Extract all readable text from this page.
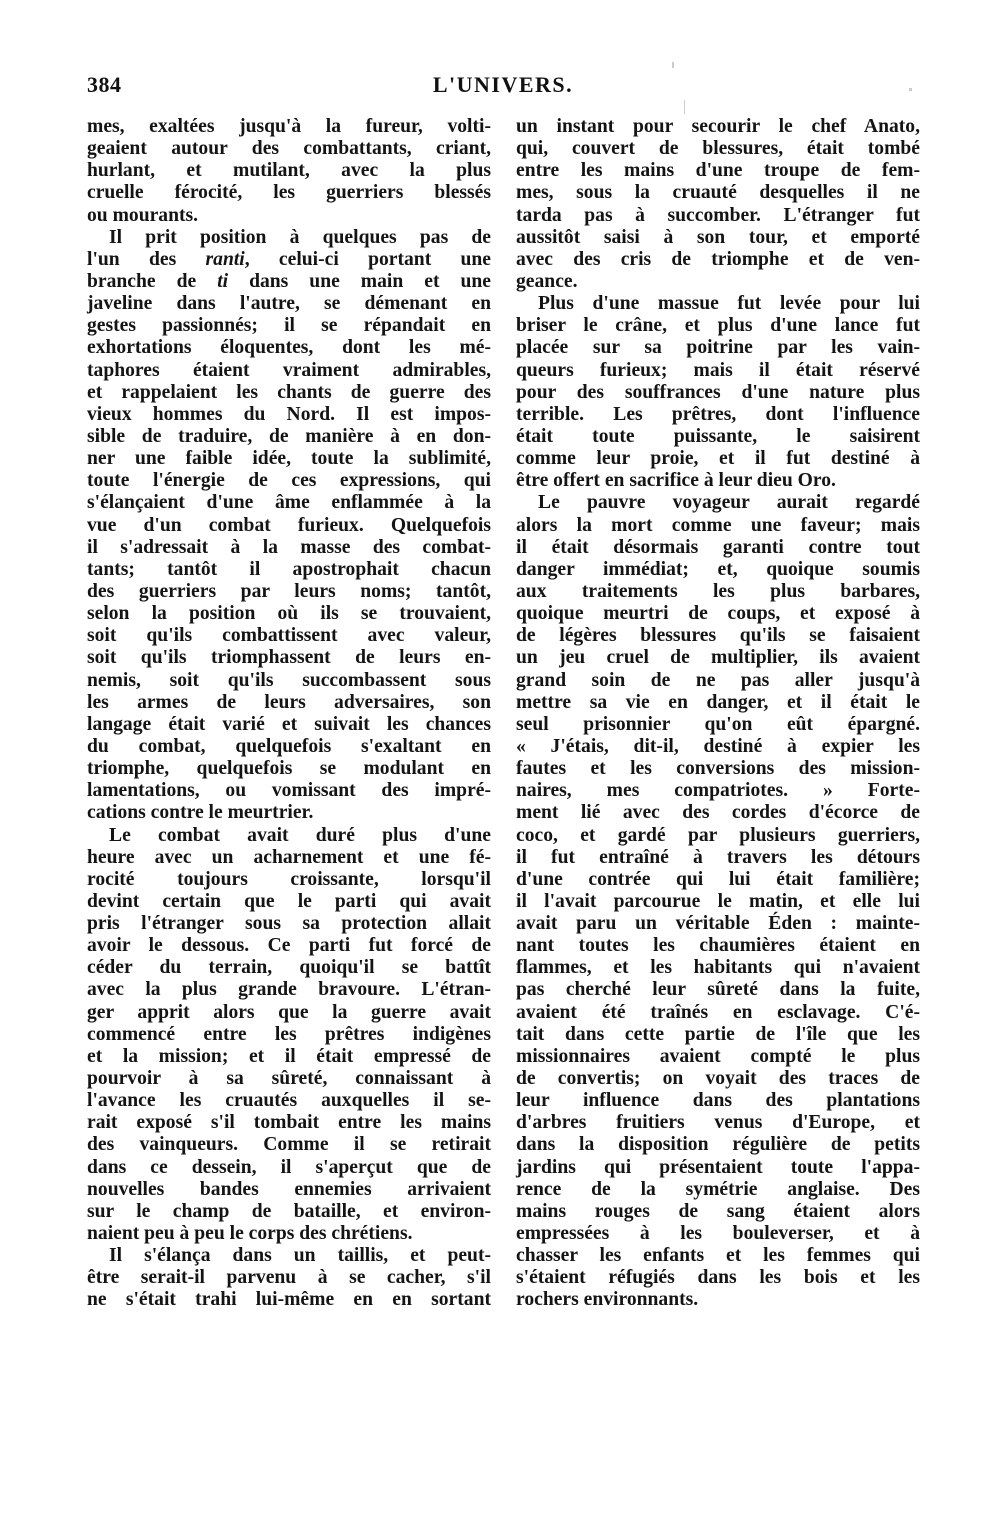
384	L'UNIVERS.
mes, exaltées jusqu'à la fureur, volti-
geaient autour des combattants, criant,
hurlant, et mutilant, avec la plus
cruelle férocité, les guerriers blessés
ou mourants.
Il prit position à quelques pas de
l'un des ranti, celui-ci portant une
branche de ti dans une main et une
javeline dans l'autre, se démenant en
gestes passionnés; il se répandait en
exhortations éloquentes, dont les mé-
taphores étaient vraiment admirables,
et rappelaient les chants de guerre des
vieux hommes du Nord. Il est impos-
sible de traduire, de manière à en don-
ner une faible idée, toute la sublimité,
toute l'énergie de ces expressions, qui
s'élançaient d'une âme enflammée à la
vue d'un combat furieux. Quelquefois
il s'adressait à la masse des combat-
tants; tantôt il apostrophait chacun
des guerriers par leurs noms; tantôt,
selon la position où ils se trouvaient,
soit qu'ils combattissent avec valeur,
soit qu'ils triomphassent de leurs en-
nemis, soit qu'ils succombassent sous
les armes de leurs adversaires, son
langage était varié et suivait les chances
du combat, quelquefois s'exaltant en
triomphe, quelquefois se modulant en
lamentations, ou vomissant des impré-
cations contre le meurtrier.
Le combat avait duré plus d'une
heure avec un acharnement et une fé-
rocité toujours croissante, lorsqu'il
devint certain que le parti qui avait
pris l'étranger sous sa protection allait
avoir le dessous. Ce parti fut forcé de
céder du terrain, quoiqu'il se battît
avec la plus grande bravoure. L'étran-
ger apprit alors que la guerre avait
commencé entre les prêtres indigènes
et la mission; et il était empressé de
pourvoir à sa sûreté, connaissant à
l'avance les cruautés auxquelles il se-
rait exposé s'il tombait entre les mains
des vainqueurs. Comme il se retirait
dans ce dessein, il s'aperçut que de
nouvelles bandes ennemies arrivaient
sur le champ de bataille, et environ-
naient peu à peu le corps des chrétiens.
Il s'élança dans un taillis, et peut-
être serait-il parvenu à se cacher, s'il
ne s'était trahi lui-même en en sortant
un instant pour secourir le chef Anato,
qui, couvert de blessures, était tombé
entre les mains d'une troupe de fem-
mes, sous la cruauté desquelles il ne
tarda pas à succomber. L'étranger fut
aussitôt saisi à son tour, et emporté
avec des cris de triomphe et de ven-
geance.
Plus d'une massue fut levée pour lui
briser le crâne, et plus d'une lance fut
placée sur sa poitrine par les vain-
queurs furieux; mais il était réservé
pour des souffrances d'une nature plus
terrible. Les prêtres, dont l'influence
était toute puissante, le saisirent
comme leur proie, et il fut destiné à
être offert en sacrifice à leur dieu Oro.
Le pauvre voyageur aurait regardé
alors la mort comme une faveur; mais
il était désormais garanti contre tout
danger immédiat; et, quoique soumis
aux traitements les plus barbares,
quoique meurtri de coups, et exposé à
de légères blessures qu'ils se faisaient
un jeu cruel de multiplier, ils avaient
grand soin de ne pas aller jusqu'à
mettre sa vie en danger, et il était le
seul prisonnier qu'on eût épargné.
« J'étais, dit-il, destiné à expier les
fautes et les conversions des mission-
naires, mes compatriotes. » Forte-
ment lié avec des cordes d'écorce de
coco, et gardé par plusieurs guerriers,
il fut entraîné à travers les détours
d'une contrée qui lui était familière;
il l'avait parcourue le matin, et elle lui
avait paru un véritable Éden : mainte-
nant toutes les chaumières étaient en
flammes, et les habitants qui n'avaient
pas cherché leur sûreté dans la fuite,
avaient été traînés en esclavage. C'é-
tait dans cette partie de l'île que les
missionnaires avaient compté le plus
de convertis; on voyait des traces de
leur influence dans des plantations
d'arbres fruitiers venus d'Europe, et
dans la disposition régulière de petits
jardins qui présentaient toute l'appa-
rence de la symétrie anglaise. Des
mains rouges de sang étaient alors
empressées à les bouleverser, et à
chasser les enfants et les femmes qui
s'étaient réfugiés dans les bois et les
rochers environnants.
